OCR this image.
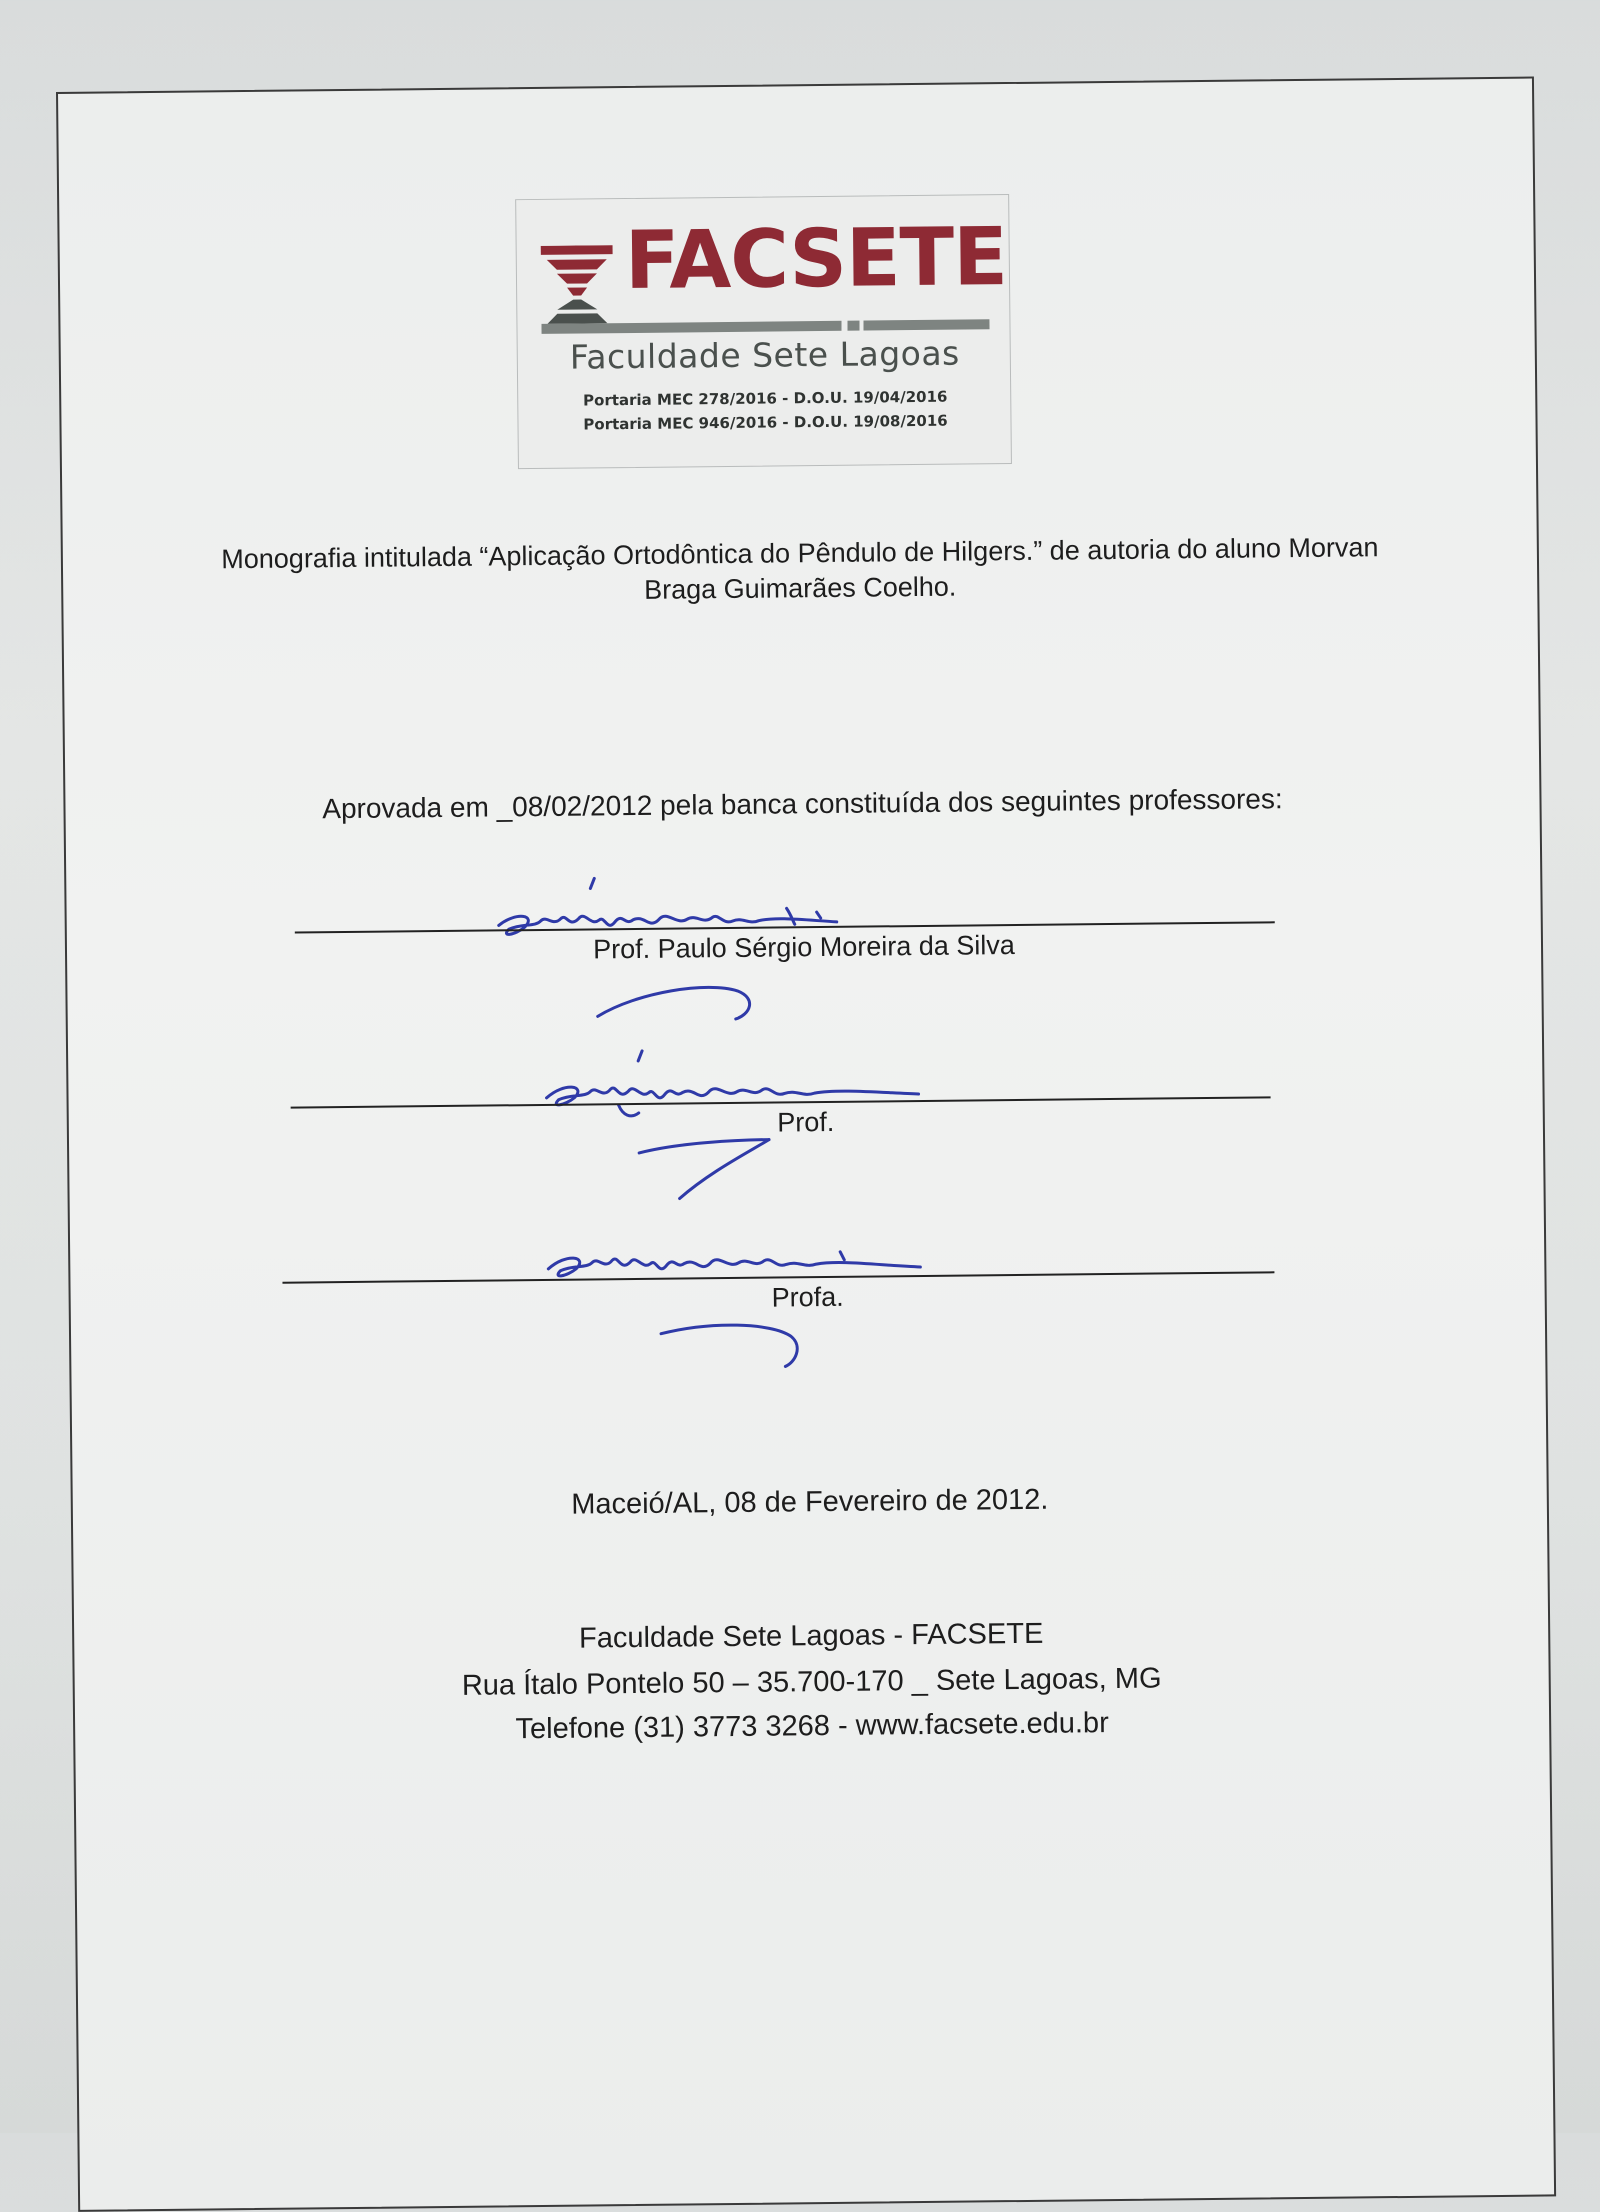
FACSETE
Faculdade Sete Lagoas
Portaria MEC 278/2016 - D.O.U. 19/04/2016
Portaria MEC 946/2016 - D.O.U. 19/08/2016
Monografia intitulada “Aplicação Ortodôntica do Pêndulo de Hilgers.” de autoria do aluno Morvan
Braga Guimarães Coelho.
Aprovada em _08/02/2012 pela banca constituída dos seguintes professores:
Prof. Paulo Sérgio Moreira da Silva
Prof.
Profa.
Maceió/AL, 08 de Fevereiro de 2012.
Faculdade Sete Lagoas - FACSETE
Rua Ítalo Pontelo 50 – 35.700-170 _ Sete Lagoas, MG
Telefone (31) 3773 3268 - www.facsete.edu.br
